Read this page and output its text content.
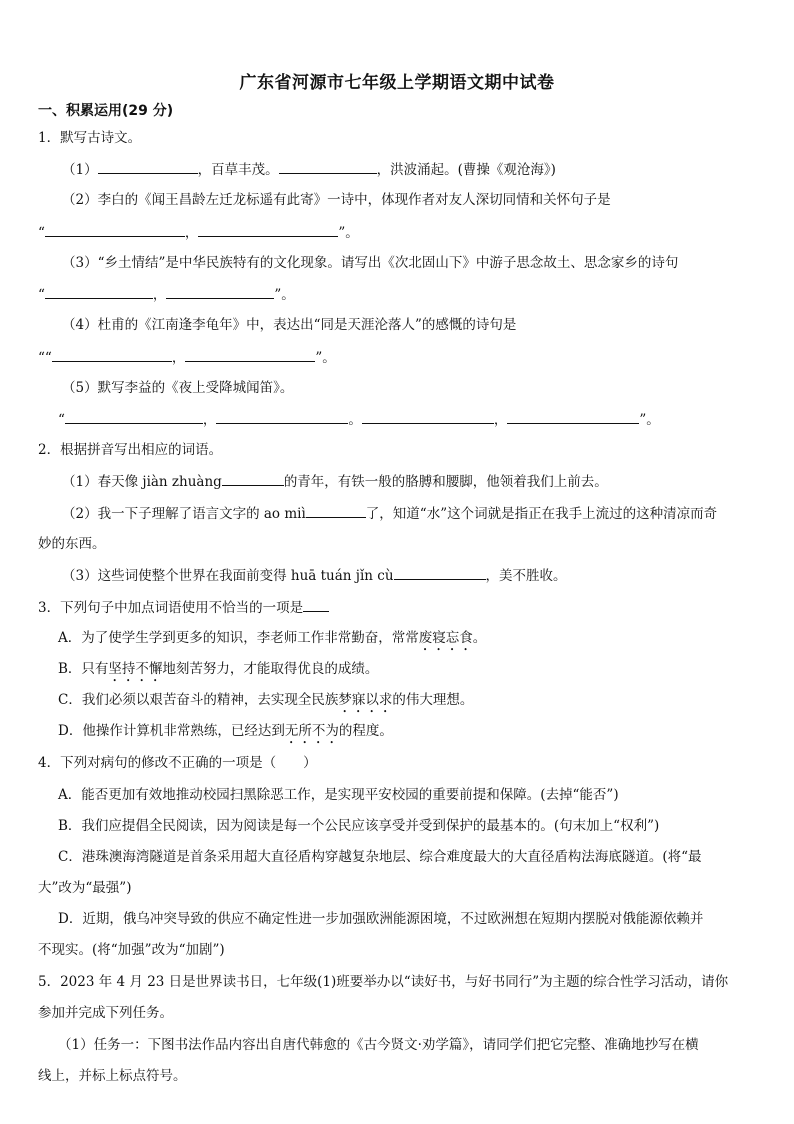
广东省河源市七年级上学期语文期中试卷
一、积累运用(29 分)
1．默写古诗文。
（1）	，百草丰茂。	，洪波涌起。(曹操《观沧海》)
（2）李白的《闻王昌龄左迁龙标遥有此寄》一诗中，体现作者对友人深切同情和关怀句子是
“	，	”。
（3）“乡土情结”是中华民族特有的文化现象。请写出《次北固山下》中游子思念故土、思念家乡的诗句
“	，	”。
（4）杜甫的《江南逢李龟年》中，表达出“同是天涯沦落人”的感慨的诗句是
““	，	”。
（5）默写李益的《夜上受降城闻笛》。
“	，	。	，	”。
2．根据拼音写出相应的词语。
（1）春天像 jiàn zhuàng	的青年，有铁一般的胳膊和腰脚，他领着我们上前去。
（2）我一下子理解了语言文字的 ao miì	了，知道“水”这个词就是指正在我手上流过的这种清凉而奇
妙的东西。
（3）这些词使整个世界在我面前变得 huā tuán jǐn cù	，美不胜收。
3．下列句子中加点词语使用不恰当的一项是
A．为了使学生学到更多的知识，李老师工作非常勤奋，常常废寝忘食。
B．只有坚持不懈地刻苦努力，才能取得优良的成绩。
C．我们必须以艰苦奋斗的精神，去实现全民族梦寐以求的伟大理想。
D．他操作计算机非常熟练，已经达到无所不为的程度。
4．下列对病句的修改不正确的一项是（　　）
A．能否更加有效地推动校园扫黑除恶工作，是实现平安校园的重要前提和保障。(去掉“能否”)
B．我们应提倡全民阅读，因为阅读是每一个公民应该享受并受到保护的最基本的。(句末加上“权利”)
C．港珠澳海湾隧道是首条采用超大直径盾构穿越复杂地层、综合难度最大的大直径盾构法海底隧道。(将“最
大”改为“最强”)
D．近期，俄乌冲突导致的供应不确定性进一步加强欧洲能源困境，不过欧洲想在短期内摆脱对俄能源依赖并
不现实。(将“加强”改为“加剧”)
5．2023 年 4 月 23 日是世界读书日，七年级(1)班要举办以“读好书，与好书同行”为主题的综合性学习活动，请你
参加并完成下列任务。
（1）任务一：下图书法作品内容出自唐代韩愈的《古今贤文·劝学篇》，请同学们把它完整、准确地抄写在横
线上，并标上标点符号。
